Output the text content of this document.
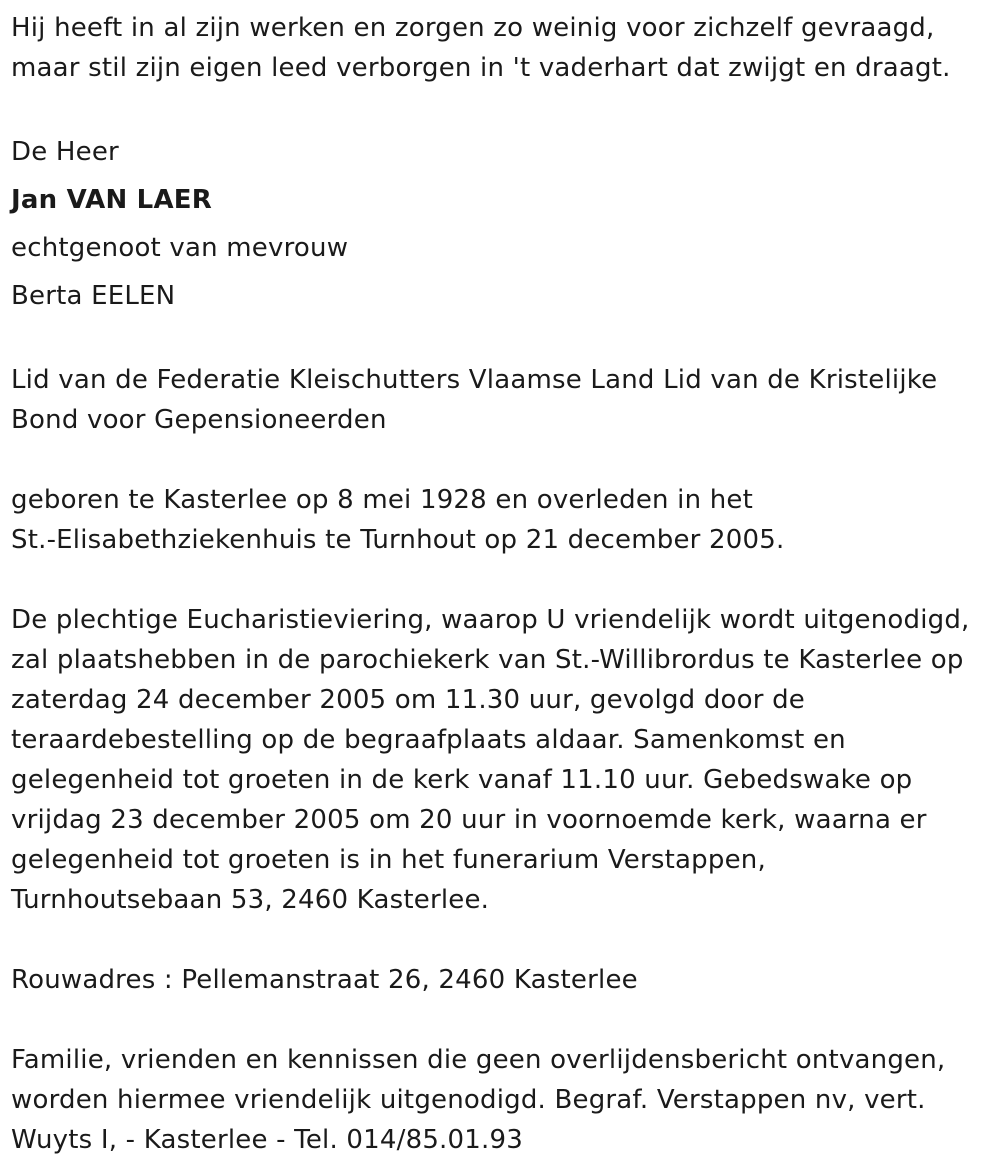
Hij heeft in al zijn werken en zorgen zo weinig voor zichzelf gevraagd,
maar stil zijn eigen leed verborgen in 't vaderhart dat zwijgt en draagt.
De Heer
Jan VAN LAER
echtgenoot van mevrouw
Berta EELEN
Lid van de Federatie Kleischutters Vlaamse Land Lid van de Kristelijke
Bond voor Gepensioneerden
geboren te Kasterlee op 8 mei 1928 en overleden in het
St.-Elisabethziekenhuis te Turnhout op 21 december 2005.
De plechtige Eucharistieviering, waarop U vriendelijk wordt uitgenodigd,
zal plaatshebben in de parochiekerk van St.-Willibrordus te Kasterlee op
zaterdag 24 december 2005 om 11.30 uur, gevolgd door de
teraardebestelling op de begraafplaats aldaar. Samenkomst en
gelegenheid tot groeten in de kerk vanaf 11.10 uur. Gebedswake op
vrijdag 23 december 2005 om 20 uur in voornoemde kerk, waarna er
gelegenheid tot groeten is in het funerarium Verstappen,
Turnhoutsebaan 53, 2460 Kasterlee.
Rouwadres : Pellemanstraat 26, 2460 Kasterlee
Familie, vrienden en kennissen die geen overlijdensbericht ontvangen,
worden hiermee vriendelijk uitgenodigd. Begraf. Verstappen nv, vert.
Wuyts I, - Kasterlee - Tel. 014/85.01.93
